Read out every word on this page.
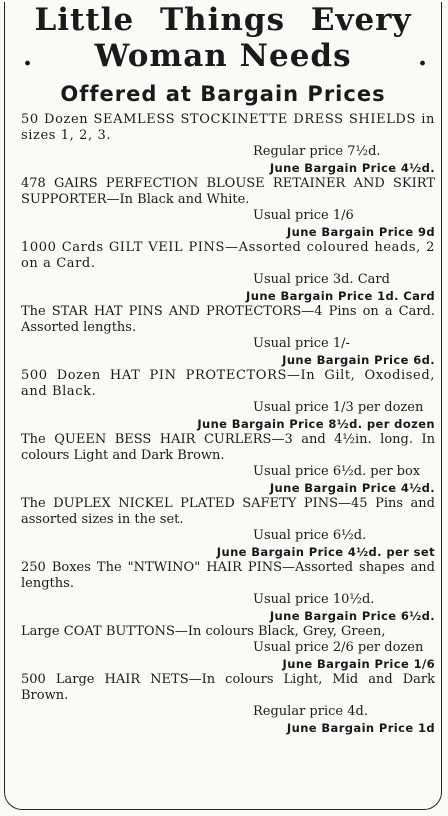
Little Things Every
.	Woman Needs	.
Offered at Bargain Prices
50 Dozen SEAMLESS STOCKINETTE DRESS SHIELDS in sizes 1, 2, 3.
Regular price 7½d.
June Bargain Price 4½d.
478 GAIRS PERFECTION BLOUSE RETAINER AND SKIRT SUPPORTER—In Black and White.
Usual price 1/6
June Bargain Price 9d
1000 Cards GILT VEIL PINS—Assorted coloured heads, 2 on a Card.
Usual price 3d. Card
June Bargain Price 1d. Card
The STAR HAT PINS AND PROTECTORS—4 Pins on a Card. Assorted lengths.
Usual price 1/-
June Bargain Price 6d.
500 Dozen HAT PIN PROTECTORS—In Gilt, Oxodised, and Black.
Usual price 1/3 per dozen
June Bargain Price 8½d. per dozen
The QUEEN BESS HAIR CURLERS—3 and 4½in. long. In colours Light and Dark Brown.
Usual price 6½d. per box
June Bargain Price 4½d.
The DUPLEX NICKEL PLATED SAFETY PINS—45 Pins and assorted sizes in the set.
Usual price 6½d.
June Bargain Price 4½d. per set
250 Boxes The "NTWINO" HAIR PINS—Assorted shapes and lengths.
Usual price 10½d.
June Bargain Price 6½d.
Large COAT BUTTONS—In colours Black, Grey, Green,
Usual price 2/6 per dozen
June Bargain Price 1/6
500 Large HAIR NETS—In colours Light, Mid and Dark Brown.
Regular price 4d.
June Bargain Price 1d
